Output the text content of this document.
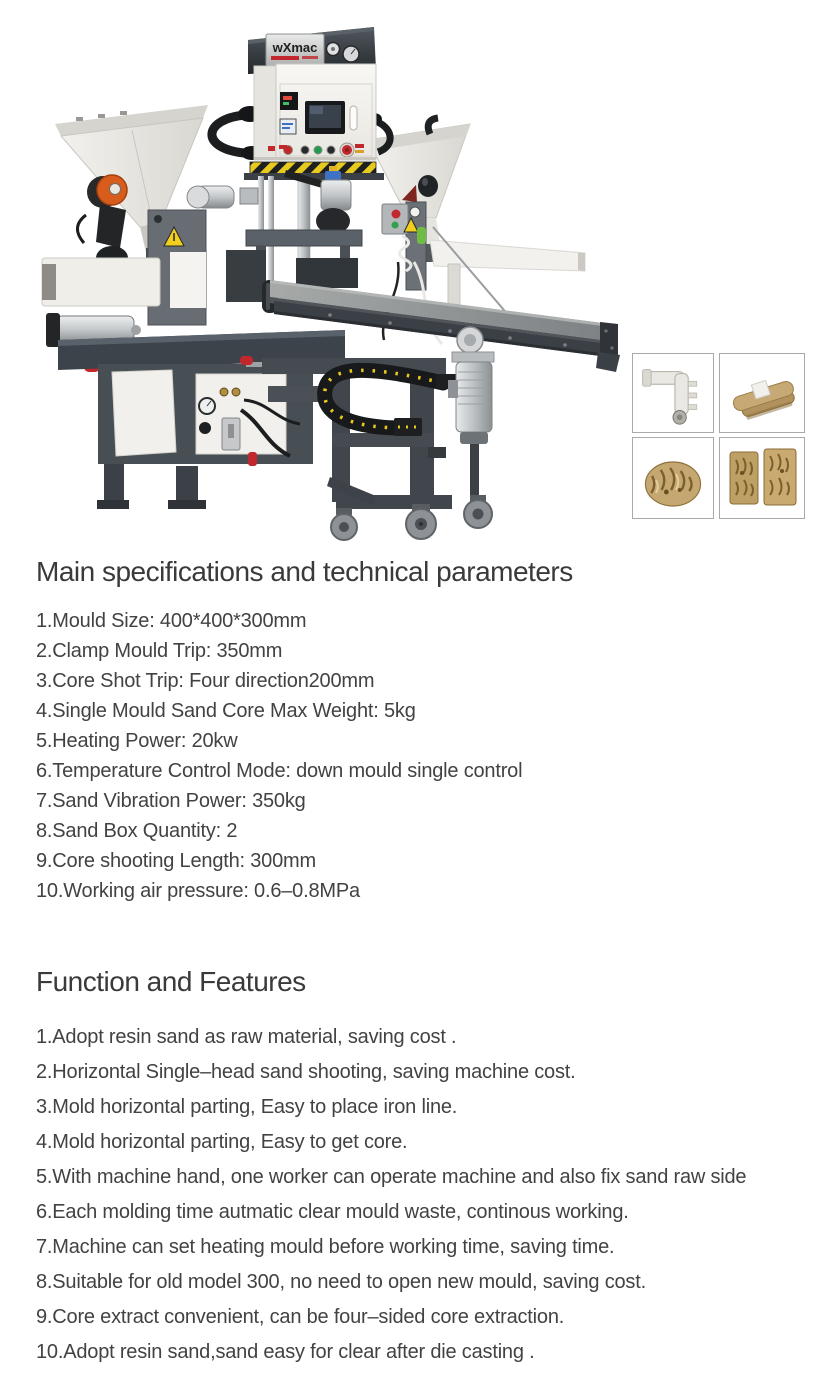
wXmac
Main specifications and technical parameters
1.Mould Size: 400*400*300mm
2.Clamp Mould Trip: 350mm
3.Core Shot Trip: Four direction200mm
4.Single Mould Sand Core Max Weight: 5kg
5.Heating Power: 20kw
6.Temperature Control Mode: down mould single control
7.Sand Vibration Power: 350kg
8.Sand Box Quantity: 2
9.Core shooting Length: 300mm
10.Working air pressure: 0.6–0.8MPa
Function and Features
1.Adopt resin sand as raw material, saving cost .
2.Horizontal Single–head sand shooting, saving machine cost.
3.Mold horizontal parting, Easy to place iron line.
4.Mold horizontal parting, Easy to get core.
5.With machine hand, one worker can operate machine and also fix sand raw side
6.Each molding time autmatic clear mould waste, continous working.
7.Machine can set heating mould before working time, saving time.
8.Suitable for old model 300, no need to open new mould, saving cost.
9.Core extract convenient, can be four–sided core extraction.
10.Adopt resin sand,sand easy for clear after die casting .
